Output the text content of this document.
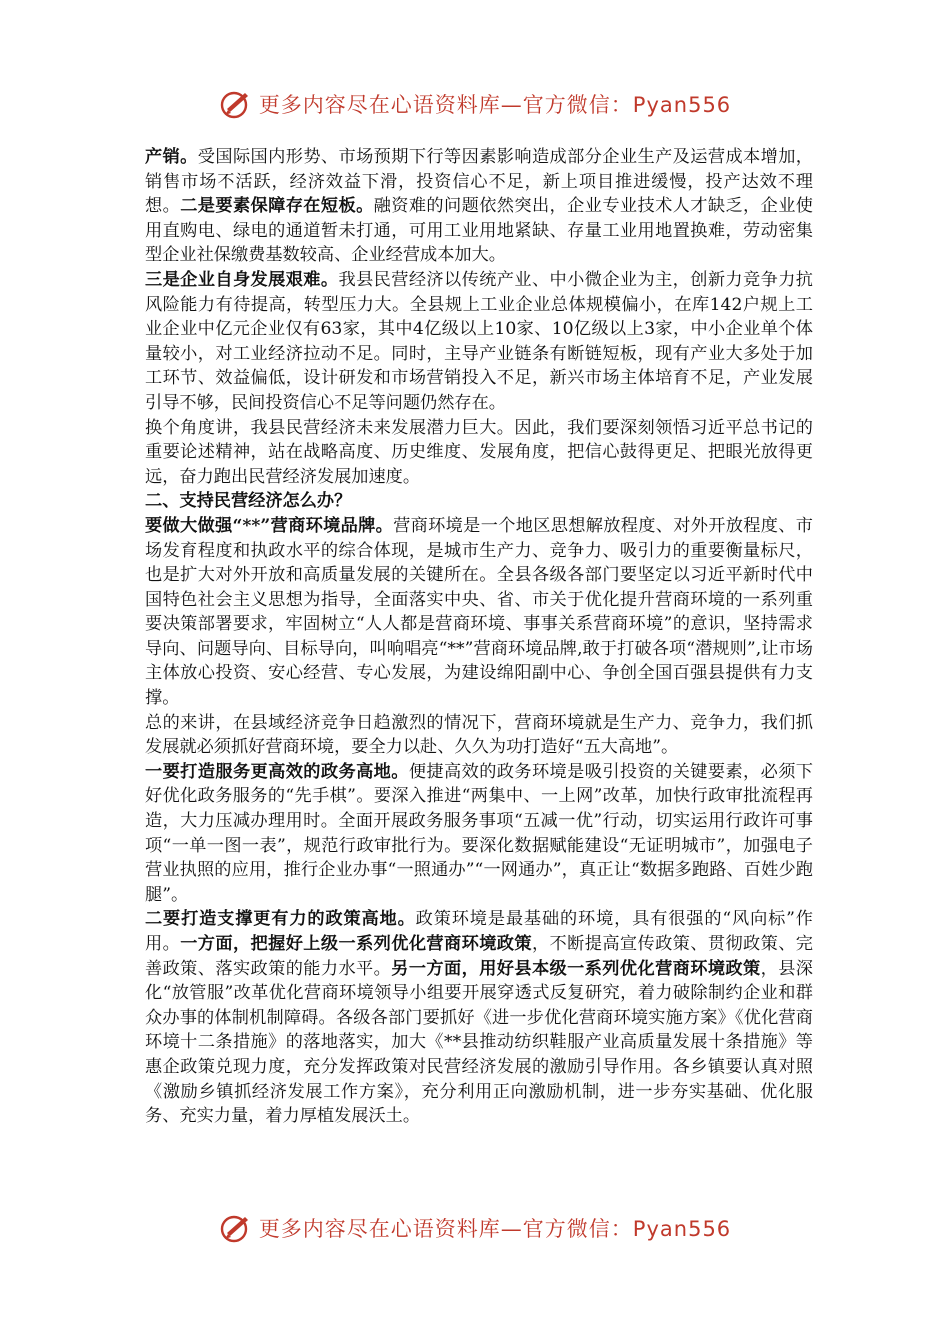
更多内容尽在心语资料库—官方微信：Pyan556

产销。受国际国内形势、市场预期下行等因素影响造成部分企业生产及运营成本增加，销售市场不活跃，经济效益下滑，投资信心不足，新上项目推进缓慢，投产达效不理想。二是要素保障存在短板。融资难的问题依然突出，企业专业技术人才缺乏，企业使用直购电、绿电的通道暂未打通，可用工业用地紧缺、存量工业用地置换难，劳动密集型企业社保缴费基数较高、企业经营成本加大。

三是企业自身发展艰难。我县民营经济以传统产业、中小微企业为主，创新力竞争力抗风险能力有待提高，转型压力大。全县规上工业企业总体规模偏小，在库142户规上工业企业中亿元企业仅有63家，其中4亿级以上10家、10亿级以上3家，中小企业单个体量较小，对工业经济拉动不足。同时，主导产业链条有断链短板，现有产业大多处于加工环节、效益偏低，设计研发和市场营销投入不足，新兴市场主体培育不足，产业发展引导不够，民间投资信心不足等问题仍然存在。

换个角度讲，我县民营经济未来发展潜力巨大。因此，我们要深刻领悟习近平总书记的重要论述精神，站在战略高度、历史维度、发展角度，把信心鼓得更足、把眼光放得更远，奋力跑出民营经济发展加速度。

二、支持民营经济怎么办？

要做大做强“**”营商环境品牌。营商环境是一个地区思想解放程度、对外开放程度、市场发育程度和执政水平的综合体现，是城市生产力、竞争力、吸引力的重要衡量标尺，也是扩大对外开放和高质量发展的关键所在。全县各级各部门要坚定以习近平新时代中国特色社会主义思想为指导，全面落实中央、省、市关于优化提升营商环境的一系列重要决策部署要求，牢固树立“人人都是营商环境、事事关系营商环境”的意识，坚持需求导向、问题导向、目标导向，叫响唱亮“**”营商环境品牌,敢于打破各项“潜规则”,让市场主体放心投资、安心经营、专心发展，为建设绵阳副中心、争创全国百强县提供有力支撑。

总的来讲，在县域经济竞争日趋激烈的情况下，营商环境就是生产力、竞争力，我们抓发展就必须抓好营商环境，要全力以赴、久久为功打造好“五大高地”。

一要打造服务更高效的政务高地。便捷高效的政务环境是吸引投资的关键要素，必须下好优化政务服务的“先手棋”。要深入推进“两集中、一上网”改革，加快行政审批流程再造，大力压减办理用时。全面开展政务服务事项“五减一优”行动，切实运用行政许可事项“一单一图一表”，规范行政审批行为。要深化数据赋能建设“无证明城市”，加强电子营业执照的应用，推行企业办事“一照通办”“一网通办”，真正让“数据多跑路、百姓少跑腿”。

二要打造支撑更有力的政策高地。政策环境是最基础的环境，具有很强的“风向标”作用。一方面，把握好上级一系列优化营商环境政策，不断提高宣传政策、贯彻政策、完善政策、落实政策的能力水平。另一方面，用好县本级一系列优化营商环境政策，县深化“放管服”改革优化营商环境领导小组要开展穿透式反复研究，着力破除制约企业和群众办事的体制机制障碍。各级各部门要抓好《进一步优化营商环境实施方案》《优化营商环境十二条措施》的落地落实，加大《**县推动纺织鞋服产业高质量发展十条措施》等惠企政策兑现力度，充分发挥政策对民营经济发展的激励引导作用。各乡镇要认真对照《激励乡镇抓经济发展工作方案》，充分利用正向激励机制，进一步夯实基础、优化服务、充实力量，着力厚植发展沃土。

更多内容尽在心语资料库—官方微信：Pyan556
